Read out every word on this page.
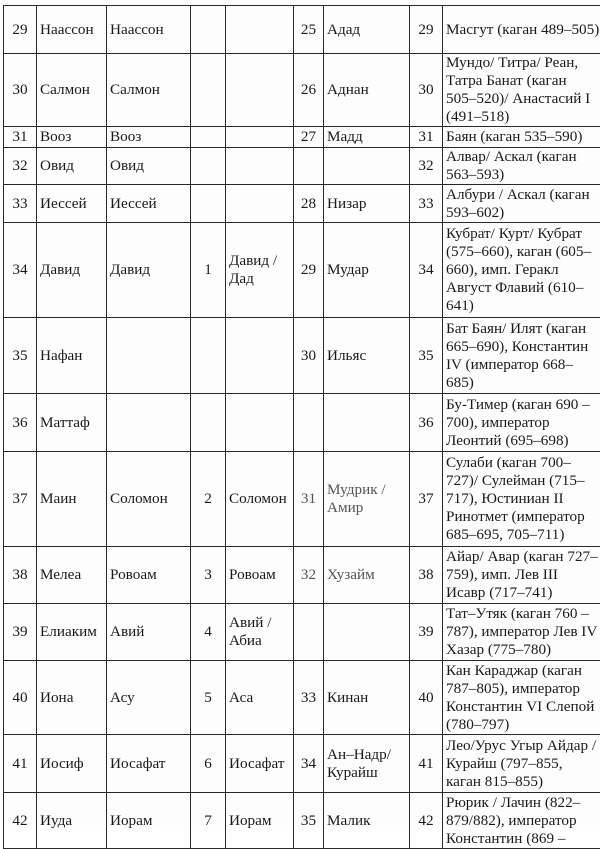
29	Наассон	Наассон			25	Адад	29	Масгут (каган 489–505)
30	Салмон	Салмон			26	Аднан	30	Мундо/ Титра/ Реан, Татра Банат (каган 505–520)/ Анастасий I (491–518)
31	Вооз	Вооз			27	Мадд	31	Баян (каган 535–590)
32	Овид	Овид					32	Алвар/ Аскал (каган 563–593)
33	Иессей	Иессей			28	Низар	33	Албури / Аскал (каган 593–602)
34	Давид	Давид	1	Давид / Дад	29	Мудар	34	Кубрат/ Курт/ Кубрат (575–660), каган (605–660), имп. Геракл Август Флавий (610–641)
35	Нафан				30	Ильяс	35	Бат Баян/ Илят (каган 665–690), Константин IV (император 668–685)
36	Маттаф						36	Бу-Тимер (каган 690 – 700), император Леонтий (695–698)
37	Маин	Соломон	2	Соломон	31	Мудрик / Амир	37	Сулаби (каган 700–727)/ Сулейман (715–717), Юстиниан II Ринотмет (император 685–695, 705–711)
38	Мелеа	Ровоам	3	Ровоам	32	Хузайм	38	Айар/ Авар (каган 727–759), имп. Лев III Исавр (717–741)
39	Елиаким	Авий	4	Авий / Абиа			39	Тат–Утяк (каган 760 –787), император Лев IV Хазар (775–780)
40	Иона	Асу	5	Аса	33	Кинан	40	Кан Караджар (каган 787–805), император Константин VI Слепой (780–797)
41	Иосиф	Иосафат	6	Иосафат	34	Ан–Надр/ Курайш	41	Лео/Урус Угыр Айдар / Курайш (797–855, каган 815–855)
42	Иуда	Иорам	7	Иорам	35	Малик	42	Рюрик / Лачин (822–879/882), император Константин (869 –
